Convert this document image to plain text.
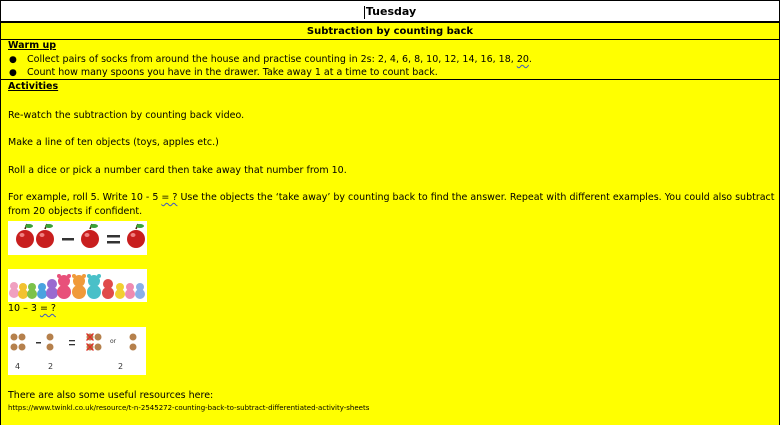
Tuesday
Subtraction by counting back
Warm up
● Collect pairs of socks from around the house and practise counting in 2s: 2, 4, 6, 8, 10, 12, 14, 16, 18, 20.
● Count how many spoons you have in the drawer. Take away 1 at a time to count back.
Activities
Re-watch the subtraction by counting back video.
Make a line of ten objects (toys, apples etc.)
Roll a dice or pick a number card then take away that number from 10.
For example, roll 5. Write 10 - 5 = ? Use the objects the ‘take away’ by counting back to find the answer. Repeat with different examples. You could also subtract
from 20 objects if confident.
10 – 3 = ?
or
4	2	2
There are also some useful resources here:
https://www.twinkl.co.uk/resource/t-n-2545272-counting-back-to-subtract-differentiated-activity-sheets
